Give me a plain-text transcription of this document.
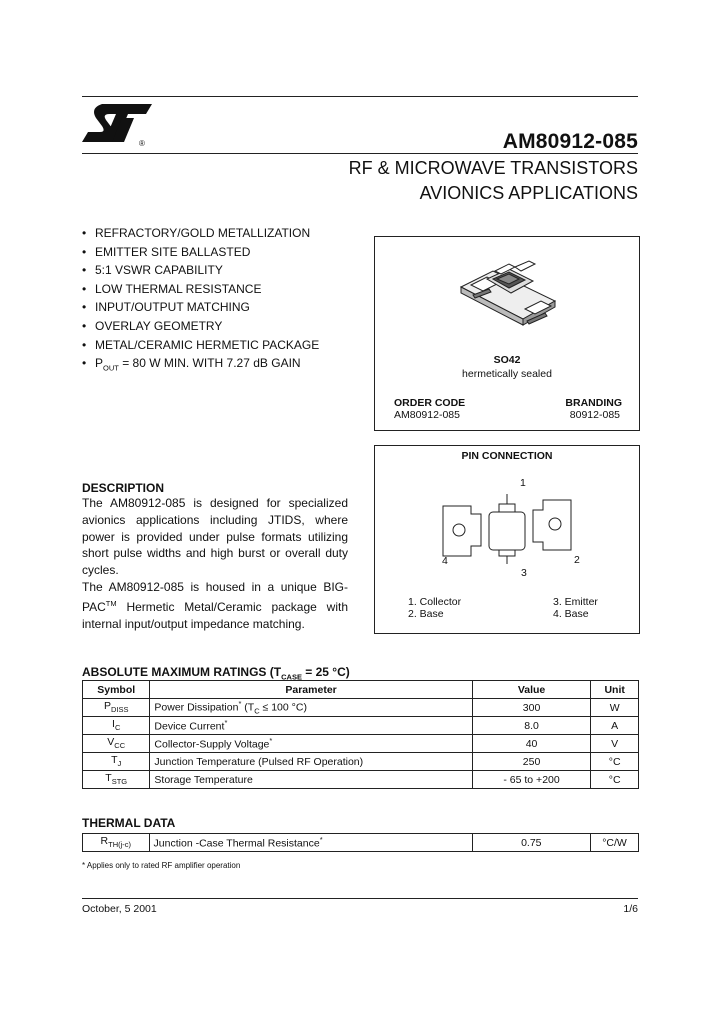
®	AM80912-085
RF & MICROWAVE TRANSISTORS
AVIONICS APPLICATIONS
• REFRACTORY/GOLD METALLIZATION
• EMITTER SITE BALLASTED
• 5:1 VSWR CAPABILITY
• LOW THERMAL RESISTANCE
• INPUT/OUTPUT MATCHING
• OVERLAY GEOMETRY
• METAL/CERAMIC HERMETIC PACKAGE
• $P_{OUT} = 80$ W MIN. WITH 7.27 dB GAIN	SO42
hermetically sealed
ORDER CODE
AM80912-085
BRANDING
80912-085
PIN CONNECTION
1
2
3
4
1. Collector
2. Base
3. Emitter
4. Base
DESCRIPTION
The AM80912-085 is designed for specialized avionics applications including JTIDS, where power is provided under pulse formats utilizing short pulse widths and high burst or overall duty cycles.
The AM80912-085 is housed in a unique BIG-PAC™ Hermetic Metal/Ceramic package with internal input/output impedance matching.
ABSOLUTE MAXIMUM RATINGS ($T_{CASE} = 25$ °C)
Symbol	Parameter	Value	Unit
$P_{DISS}$	Power Dissipation* ($T_C \le 100$ °C)	300	W
$I_C$	Device Current*	8.0	A
$V_{CC}$	Collector-Supply Voltage*	40	V
$T_J$	Junction Temperature (Pulsed RF Operation)	250	°C
$T_{STG}$	Storage Temperature	- 65 to +200	°C
THERMAL DATA
$R_{TH(j-c)}$	Junction -Case Thermal Resistance*	0.75	°C/W
* Applies only to rated RF amplifier operation
October, 5 2001	1/6
